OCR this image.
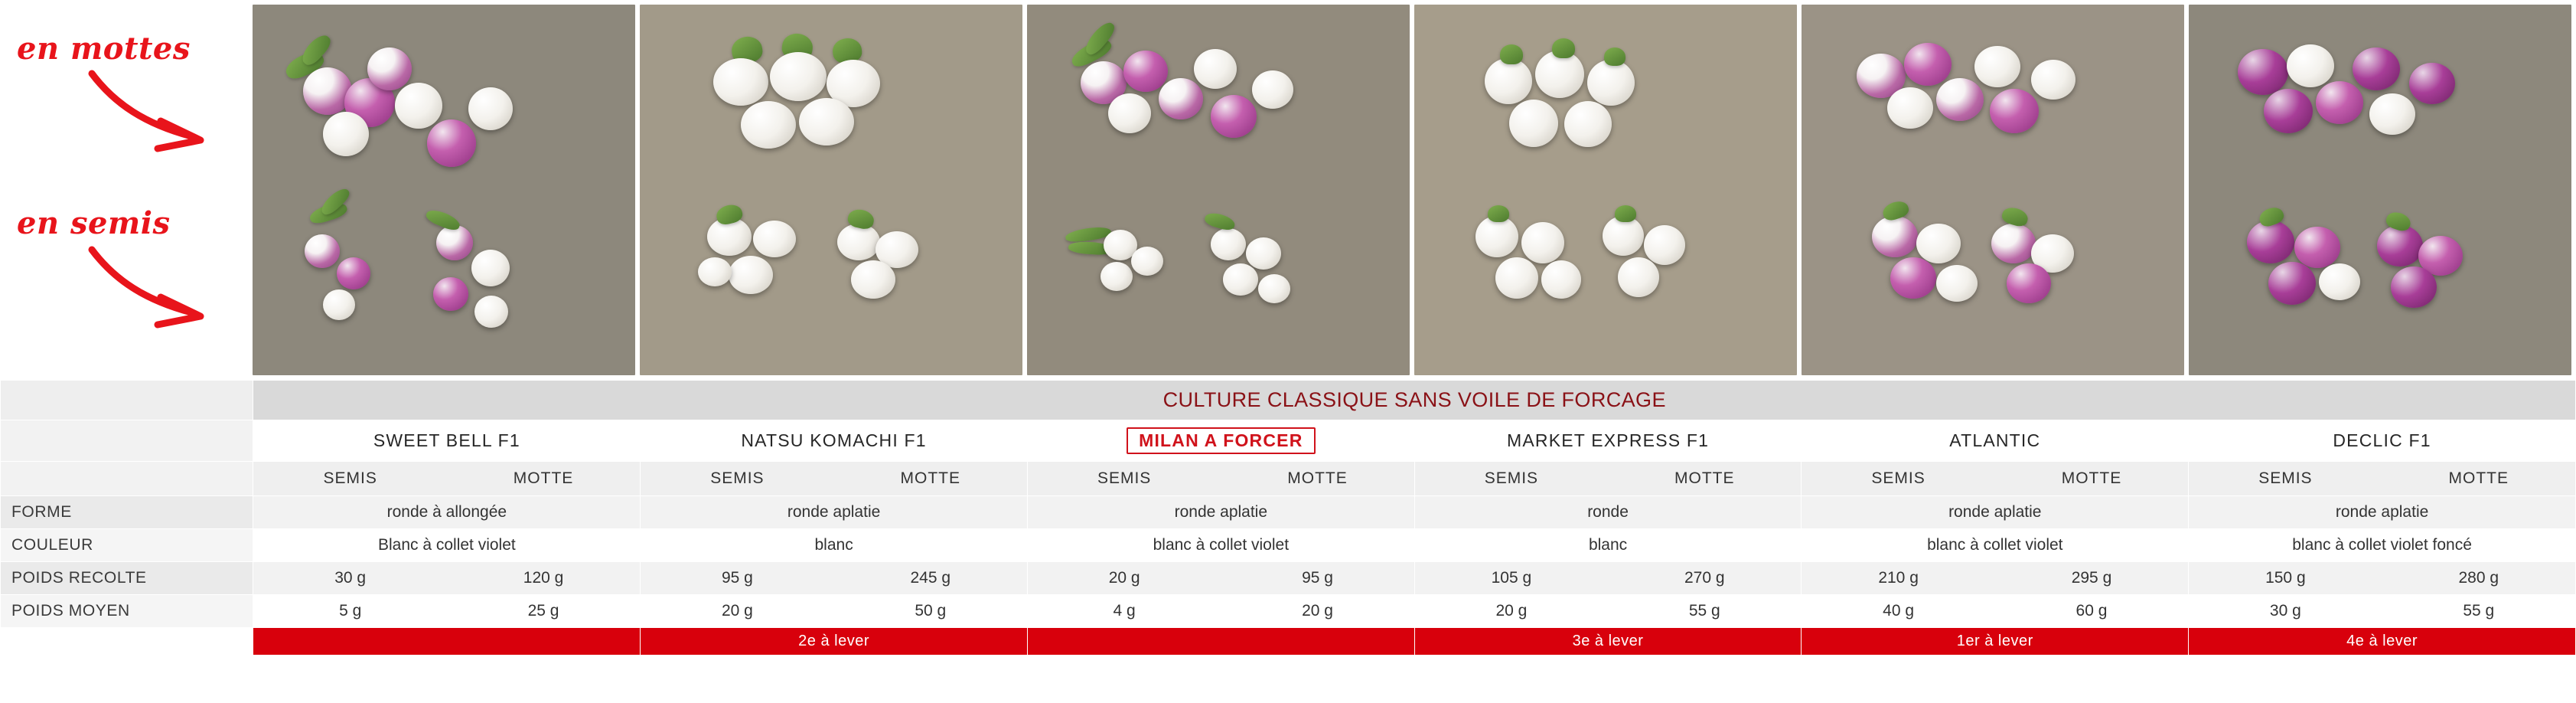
en mottes
en semis
	CULTURE CLASSIQUE SANS VOILE DE FORCAGE					
	SWEET BELL F1	NATSU KOMACHI F1	MILAN A FORCER	MARKET EXPRESS F1	ATLANTIC	DECLIC F1

SEMIS MOTTE	SEMIS MOTTE	SEMIS MOTTE	SEMIS MOTTE	SEMIS MOTTE	SEMIS MOTTE

FORME	ronde à allongée	ronde aplatie	ronde aplatie	ronde	ronde aplatie	ronde aplatie

COULEUR	Blanc à collet violet	blanc	blanc à collet violet	blanc	blanc à collet violet	blanc à collet violet foncé

POIDS RECOLTE	30 g 120 g	95 g 245 g	20 g 95 g	105 g 270 g	210 g 295 g	150 g 280 g

POIDS MOYEN	5 g 25 g	20 g 50 g	4 g 20 g	20 g 55 g	40 g 60 g	30 g 55 g

		2e à lever		3e à lever	1er à lever	4e à lever
